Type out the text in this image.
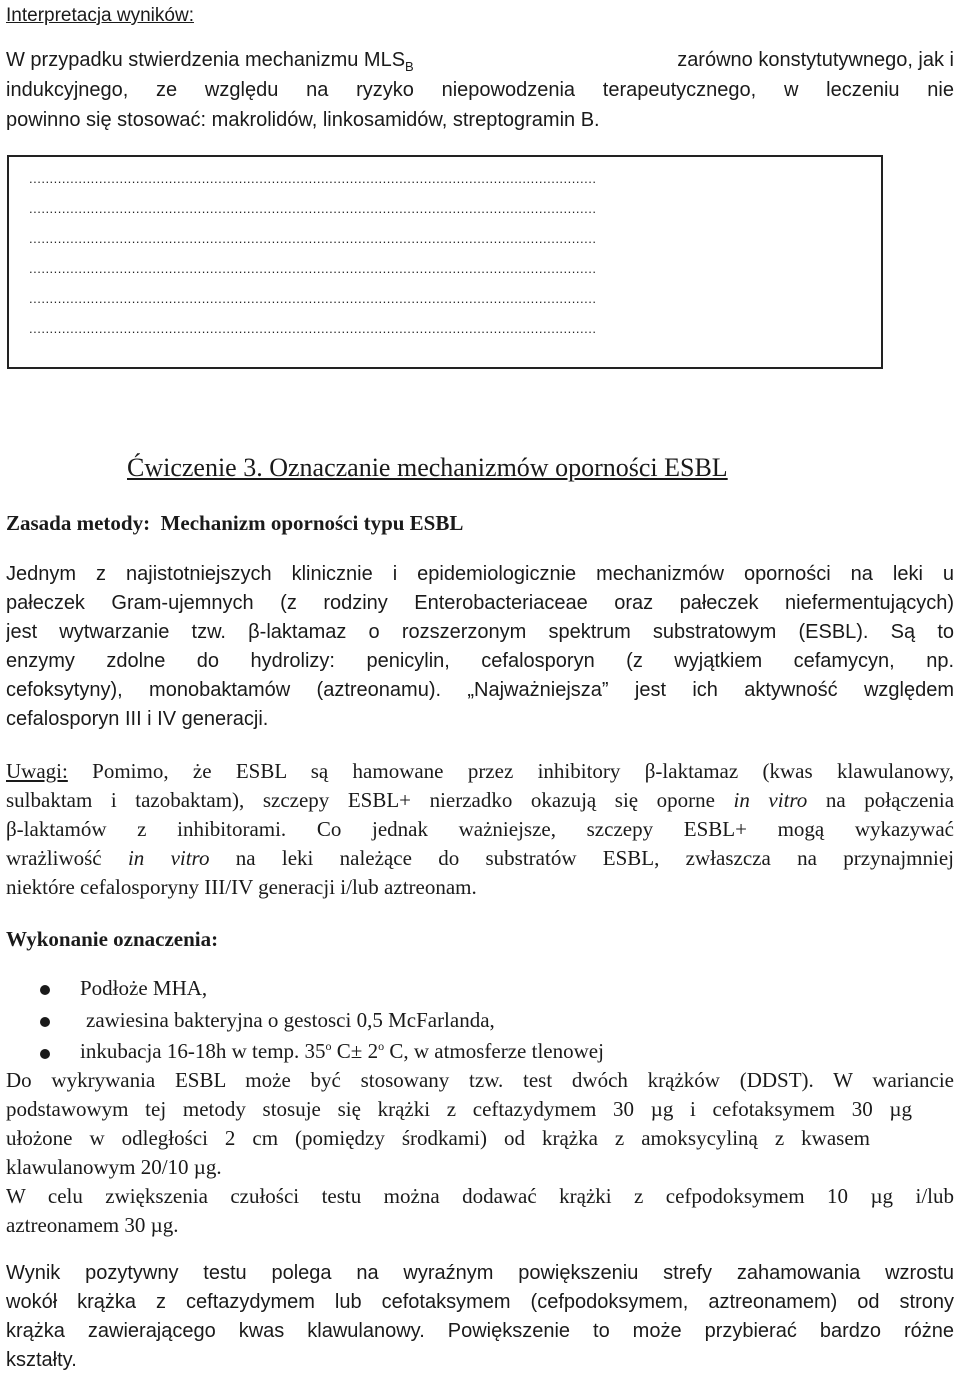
Interpretacja wyników:
W przypadku stwierdzenia mechanizmu $MLS_B$	zarówno konstytutywnego, jak i
indukcyjnego, ze względu na ryzyko niepowodzenia terapeutycznego, w leczeniu nie
powinno się stosować: makrolidów, linkosamidów, streptogramin B.
..........................................................................................................................................
..........................................................................................................................................
..........................................................................................................................................
..........................................................................................................................................
..........................................................................................................................................
..........................................................................................................................................
Ćwiczenie 3. Oznaczanie mechanizmów oporności ESBL
Zasada metody: Mechanizm oporności typu ESBL
Jednym z najistotniejszych klinicznie i epidemiologicznie mechanizmów oporności na leki u
pałeczek Gram-ujemnych (z rodziny Enterobacteriaceae oraz pałeczek niefermentujących)
jest wytwarzanie tzw. β-laktamaz o rozszerzonym spektrum substratowym (ESBL). Są to
enzymy zdolne do hydrolizy: penicylin, cefalosporyn (z wyjątkiem cefamycyn, np.
cefoksytyny), monobaktamów (aztreonamu). „Najważniejsza” jest ich aktywność względem
cefalosporyn III i IV generacji.
Uwagi: Pomimo, że ESBL są hamowane przez inhibitory β-laktamaz (kwas klawulanowy,
sulbaktam i tazobaktam), szczepy ESBL+ nierzadko okazują się oporne in vitro na połączenia
β-laktamów z inhibitorami. Co jednak ważniejsze, szczepy ESBL+ mogą wykazywać
wrażliwość in vitro na leki należące do substratów ESBL, zwłaszcza na przynajmniej
niektóre cefalosporyny III/IV generacji i/lub aztreonam.
Wykonanie oznaczenia:
Podłoże MHA,
zawiesina bakteryjna o gestosci 0,5 McFarlanda,
inkubacja 16-18h w temp. 35$^o$ $C\pm 2^o$ C, w atmosferze tlenowej
Do wykrywania ESBL może być stosowany tzw. test dwóch krążków (DDST). W wariancie
podstawowym tej metody stosuje się krążki z ceftazydymem 30 µg i cefotaksymem 30 µg
ułożone w odległości 2 cm (pomiędzy środkami) od krążka z amoksycyliną z kwasem
klawulanowym 20/10 µg.
W celu zwiększenia czułości testu można dodawać krążki z cefpodoksymem 10 µg i/lub
aztreonamem 30 µg.
Wynik pozytywny testu polega na wyraźnym powiększeniu strefy zahamowania wzrostu
wokół krążka z ceftazydymem lub cefotaksymem (cefpodoksymem, aztreonamem) od strony
krążka zawierającego kwas klawulanowy. Powiększenie to może przybierać bardzo różne
kształty.
